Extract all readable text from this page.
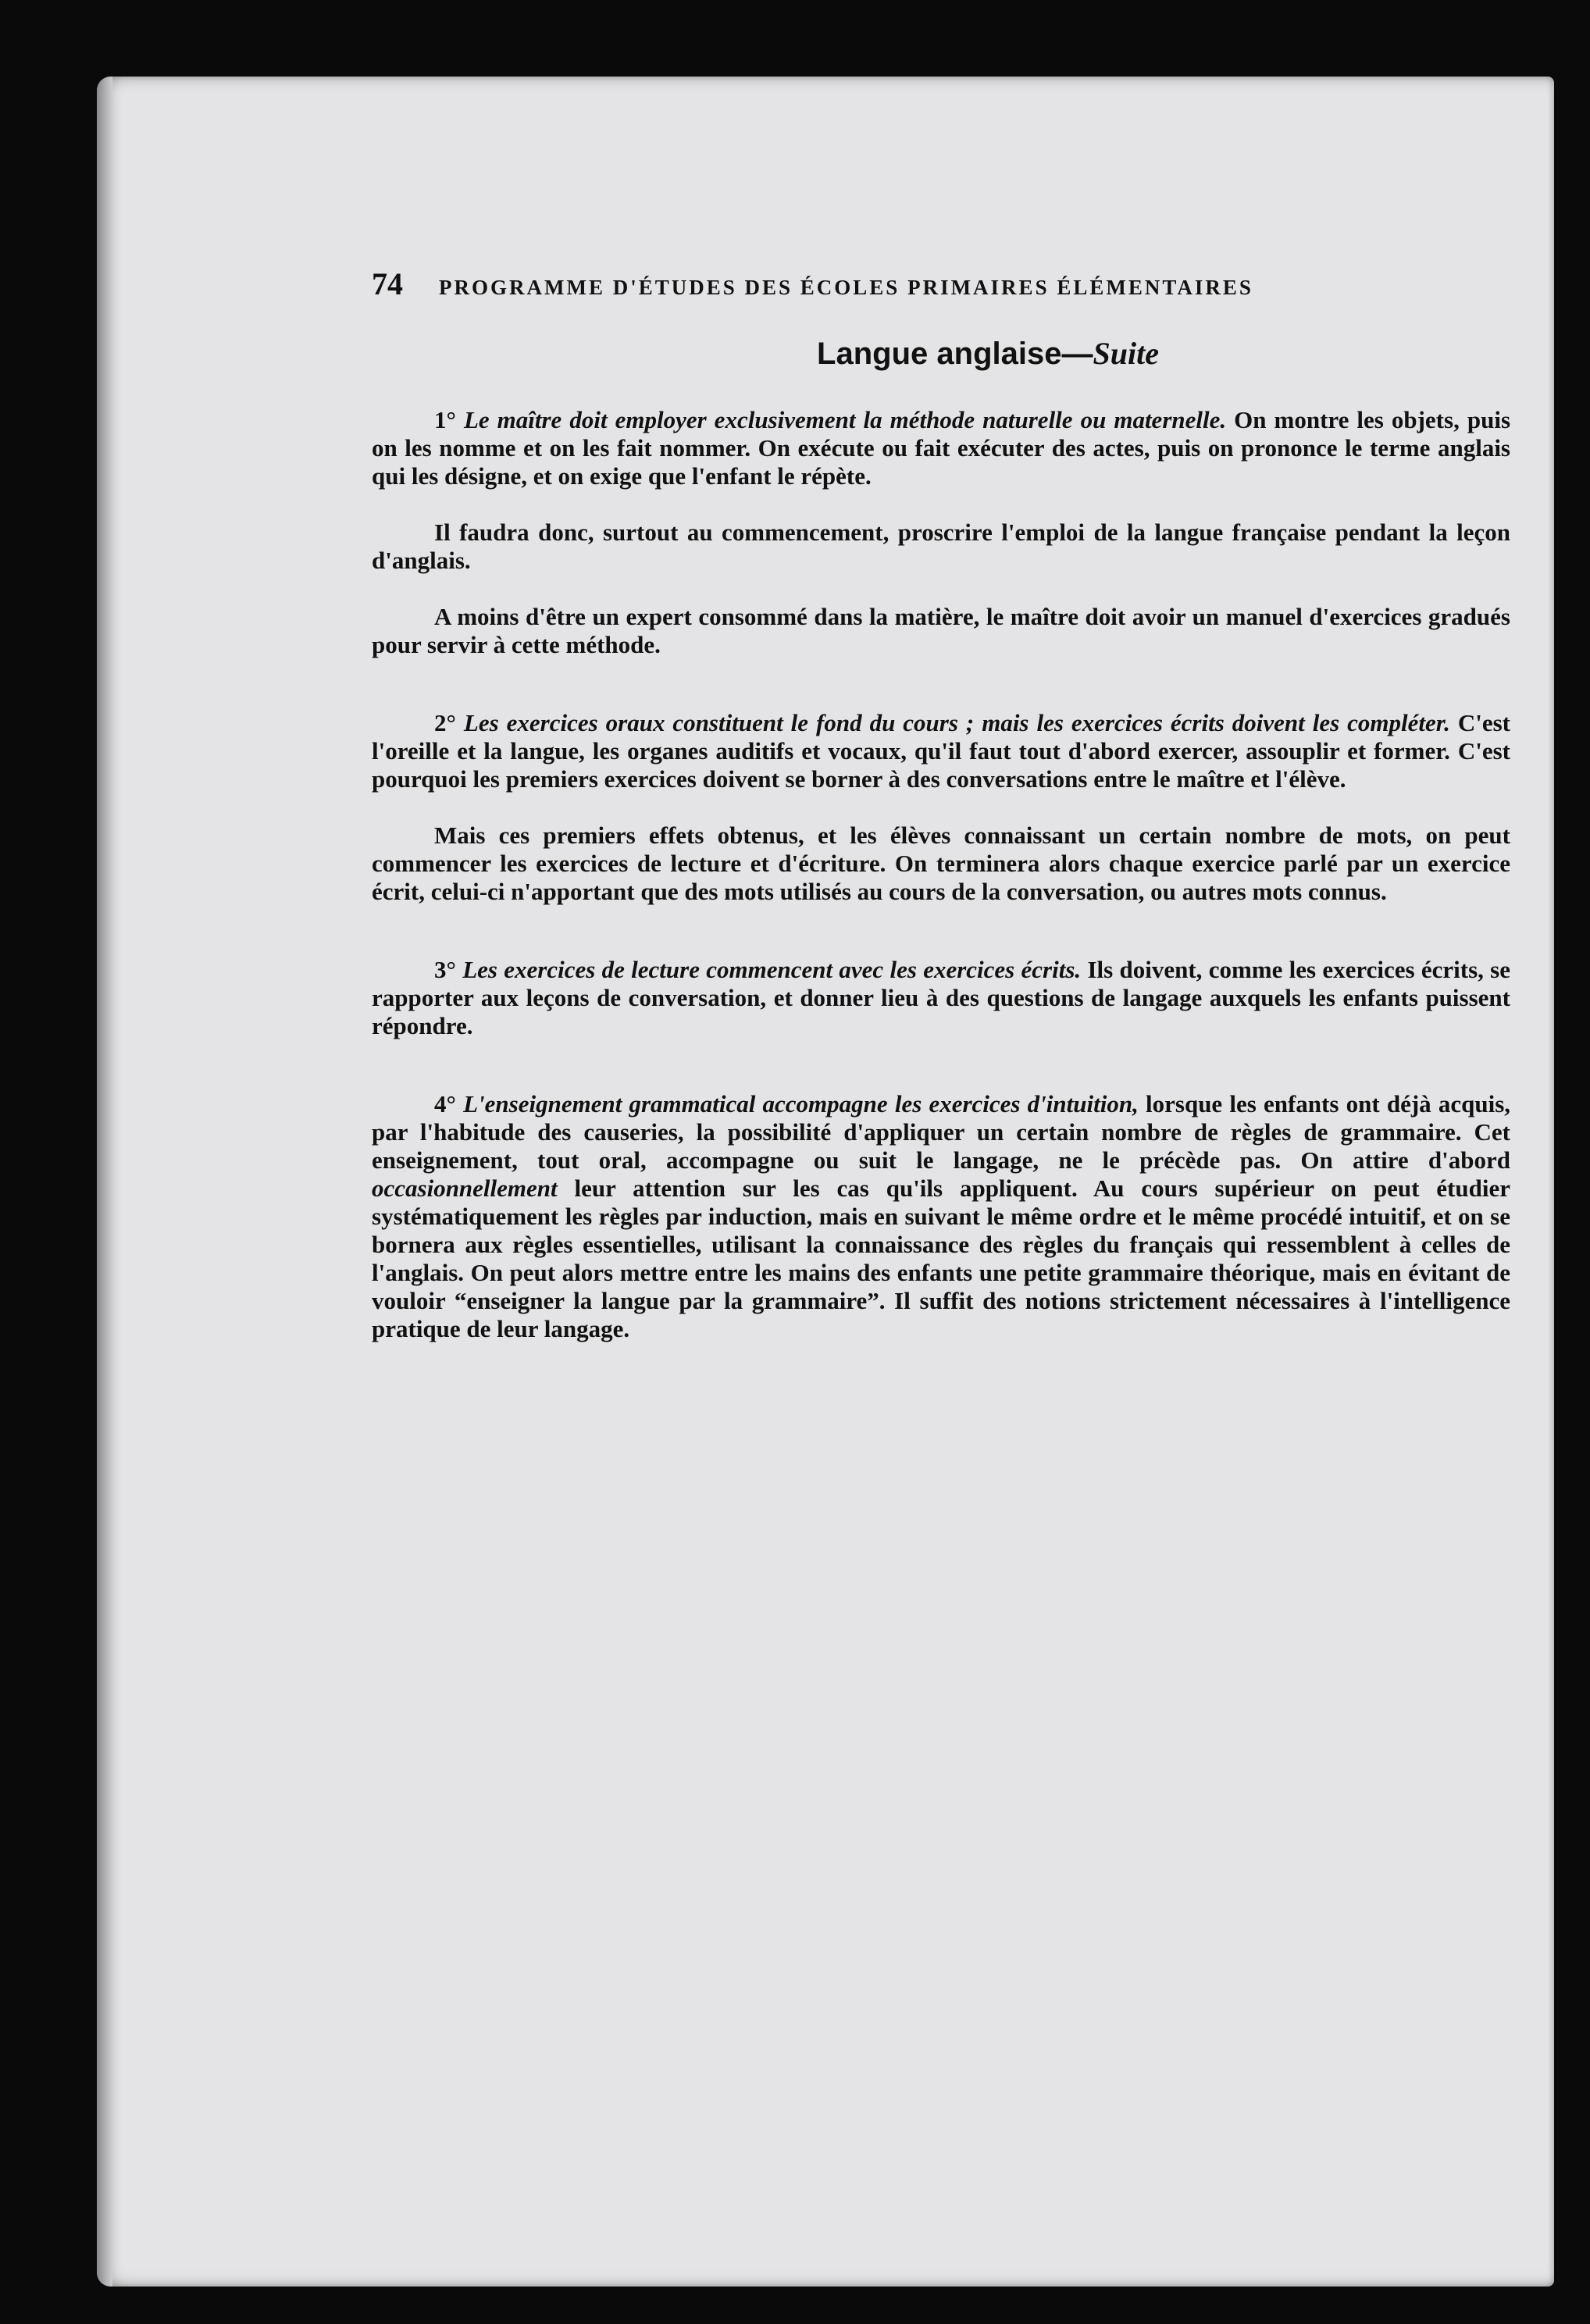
74 PROGRAMME D'ÉTUDES DES ÉCOLES PRIMAIRES ÉLÉMENTAIRES
Langue anglaise—Suite

1° Le maître doit employer exclusivement la méthode naturelle ou maternelle. On montre les objets, puis on les nomme et on les fait nommer. On exécute ou fait exécuter des actes, puis on prononce le terme anglais qui les désigne, et on exige que l'enfant le répète.

Il faudra donc, surtout au commencement, proscrire l'emploi de la langue française pendant la leçon d'anglais.

A moins d'être un expert consommé dans la matière, le maître doit avoir un manuel d'exercices gradués pour servir à cette méthode.

2° Les exercices oraux constituent le fond du cours ; mais les exercices écrits doivent les compléter. C'est l'oreille et la langue, les organes auditifs et vocaux, qu'il faut tout d'abord exercer, assouplir et former. C'est pourquoi les premiers exercices doivent se borner à des conversations entre le maître et l'élève.

Mais ces premiers effets obtenus, et les élèves connaissant un certain nombre de mots, on peut commencer les exercices de lecture et d'écriture. On terminera alors chaque exercice parlé par un exercice écrit, celui-ci n'apportant que des mots utilisés au cours de la conversation, ou autres mots connus.

3° Les exercices de lecture commencent avec les exercices écrits. Ils doivent, comme les exercices écrits, se rapporter aux leçons de conversation, et donner lieu à des questions de langage auxquels les enfants puissent répondre.

4° L'enseignement grammatical accompagne les exercices d'intuition, lorsque les enfants ont déjà acquis, par l'habitude des causeries, la possibilité d'appliquer un certain nombre de règles de grammaire. Cet enseignement, tout oral, accompagne ou suit le langage, ne le précède pas. On attire d'abord occasionnellement leur attention sur les cas qu'ils appliquent. Au cours supérieur on peut étudier systématiquement les règles par induction, mais en suivant le même ordre et le même procédé intuitif, et on se bornera aux règles essentielles, utilisant la connaissance des règles du français qui ressemblent à celles de l'anglais. On peut alors mettre entre les mains des enfants une petite grammaire théorique, mais en évitant de vouloir “enseigner la langue par la grammaire”. Il suffit des notions strictement nécessaires à l'intelligence pratique de leur langage.
